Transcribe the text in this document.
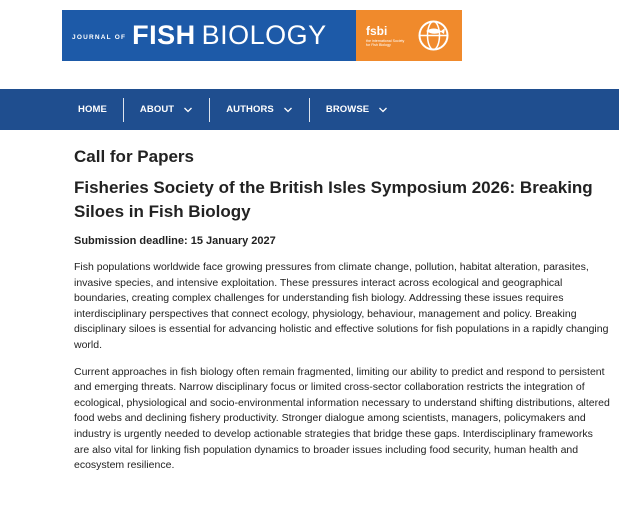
JOURNAL OF FISH BIOLOGY	fsbi
the international Society for Fish Biology
HOME	ABOUT	AUTHORS	BROWSE
Call for Papers
Fisheries Society of the British Isles Symposium 2026: Breaking Siloes in Fish Biology

Submission deadline: 15 January 2027

Fish populations worldwide face growing pressures from climate change, pollution, habitat alteration, parasites, invasive species, and intensive exploitation. These pressures interact across ecological and geographical boundaries, creating complex challenges for understanding fish biology. Addressing these issues requires interdisciplinary perspectives that connect ecology, physiology, behaviour, management and policy. Breaking disciplinary siloes is essential for advancing holistic and effective solutions for fish populations in a rapidly changing world.

Current approaches in fish biology often remain fragmented, limiting our ability to predict and respond to persistent and emerging threats. Narrow disciplinary focus or limited cross-sector collaboration restricts the integration of ecological, physiological and socio-environmental information necessary to understand shifting distributions, altered food webs and declining fishery productivity. Stronger dialogue among scientists, managers, policymakers and industry is urgently needed to develop actionable strategies that bridge these gaps. Interdisciplinary frameworks are also vital for linking fish population dynamics to broader issues including food security, human health and ecosystem resilience.
